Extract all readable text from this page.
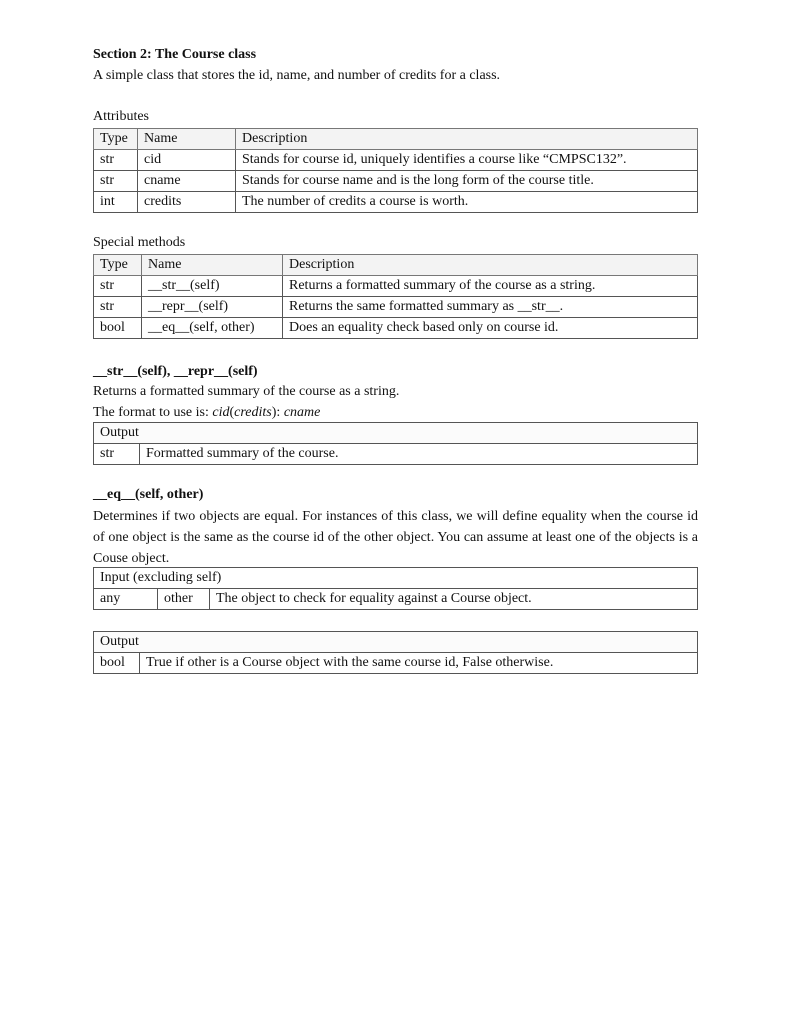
Section 2: The Course class
A simple class that stores the id, name, and number of credits for a class.
Attributes
Type	Name	Description
str	cid	Stands for course id, uniquely identifies a course like “CMPSC132”.
str	cname	Stands for course name and is the long form of the course title.
int	credits	The number of credits a course is worth.
Special methods
Type	Name	Description
str	__str__(self)	Returns a formatted summary of the course as a string.
str	__repr__(self)	Returns the same formatted summary as __str__.
bool	__eq__(self, other)	Does an equality check based only on course id.
__str__(self), __repr__(self)
Returns a formatted summary of the course as a string.
The format to use is: cid(credits): cname
Output
str	Formatted summary of the course.
__eq__(self, other)
Determines if two objects are equal. For instances of this class, we will define equality when the course id of one object is the same as the course id of the other object. You can assume at least one of the objects is a Couse object.
Input (excluding self)
any	other	The object to check for equality against a Course object.
Output
bool	True if other is a Course object with the same course id, False otherwise.
